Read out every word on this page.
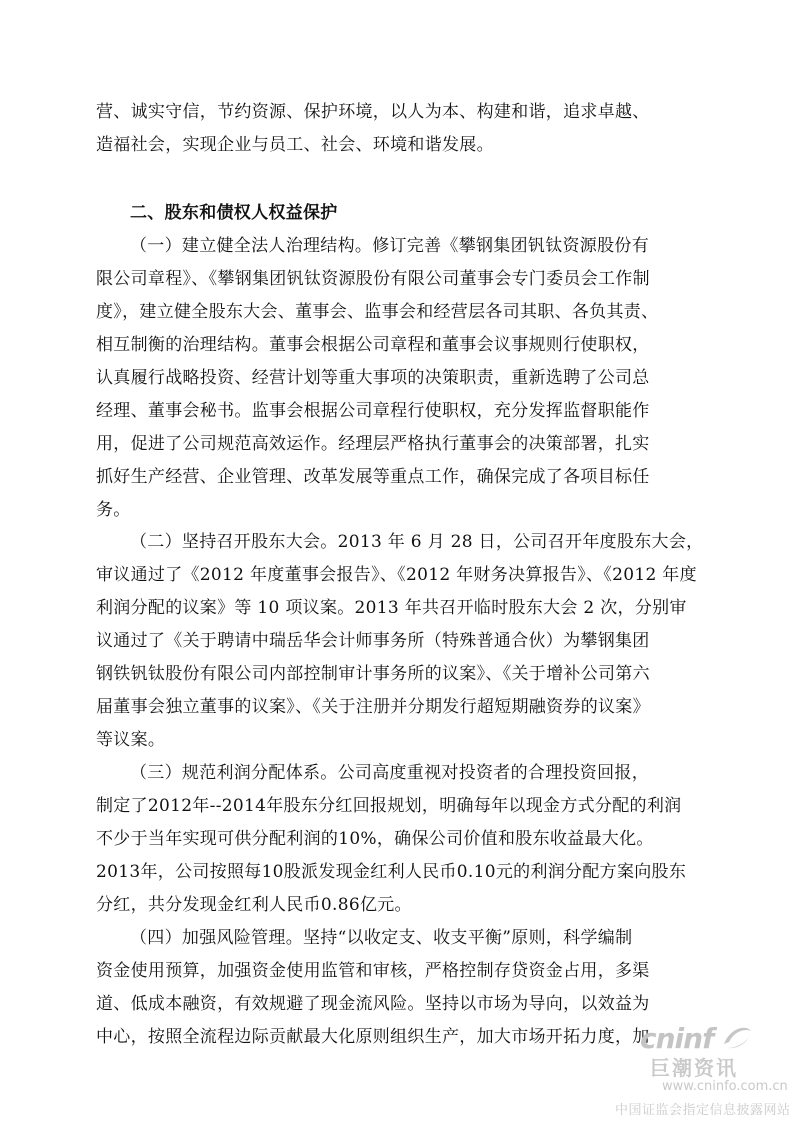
营、诚实守信，节约资源、保护环境，以人为本、构建和谐，追求卓越、
造福社会，实现企业与员工、社会、环境和谐发展。
二、股东和债权人权益保护
（一）建立健全法人治理结构。修订完善《攀钢集团钒钛资源股份有
限公司章程》、《攀钢集团钒钛资源股份有限公司董事会专门委员会工作制
度》，建立健全股东大会、董事会、监事会和经营层各司其职、各负其责、
相互制衡的治理结构。董事会根据公司章程和董事会议事规则行使职权，
认真履行战略投资、经营计划等重大事项的决策职责，重新选聘了公司总
经理、董事会秘书。监事会根据公司章程行使职权，充分发挥监督职能作
用，促进了公司规范高效运作。经理层严格执行董事会的决策部署，扎实
抓好生产经营、企业管理、改革发展等重点工作，确保完成了各项目标任
务。
（二）坚持召开股东大会。2013 年 6 月 28 日，公司召开年度股东大会，
审议通过了《2012 年度董事会报告》、《2012 年财务决算报告》、《2012 年度
利润分配的议案》等 10 项议案。2013 年共召开临时股东大会 2 次，分别审
议通过了《关于聘请中瑞岳华会计师事务所（特殊普通合伙）为攀钢集团
钢铁钒钛股份有限公司内部控制审计事务所的议案》、《关于增补公司第六
届董事会独立董事的议案》、《关于注册并分期发行超短期融资券的议案》
等议案。
（三）规范利润分配体系。公司高度重视对投资者的合理投资回报，
制定了2012年--2014年股东分红回报规划，明确每年以现金方式分配的利润
不少于当年实现可供分配利润的10%，确保公司价值和股东收益最大化。
2013年，公司按照每10股派发现金红利人民币0.10元的利润分配方案向股东
分红，共分发现金红利人民币0.86亿元。
（四）加强风险管理。坚持“以收定支、收支平衡”原则，科学编制
资金使用预算，加强资金使用监管和审核，严格控制存贷资金占用，多渠
道、低成本融资，有效规避了现金流风险。坚持以市场为导向，以效益为
中心，按照全流程边际贡献最大化原则组织生产，加大市场开拓力度，加
cninf
巨潮资讯
www.cninfo.com.cn
中国证监会指定信息披露网站
